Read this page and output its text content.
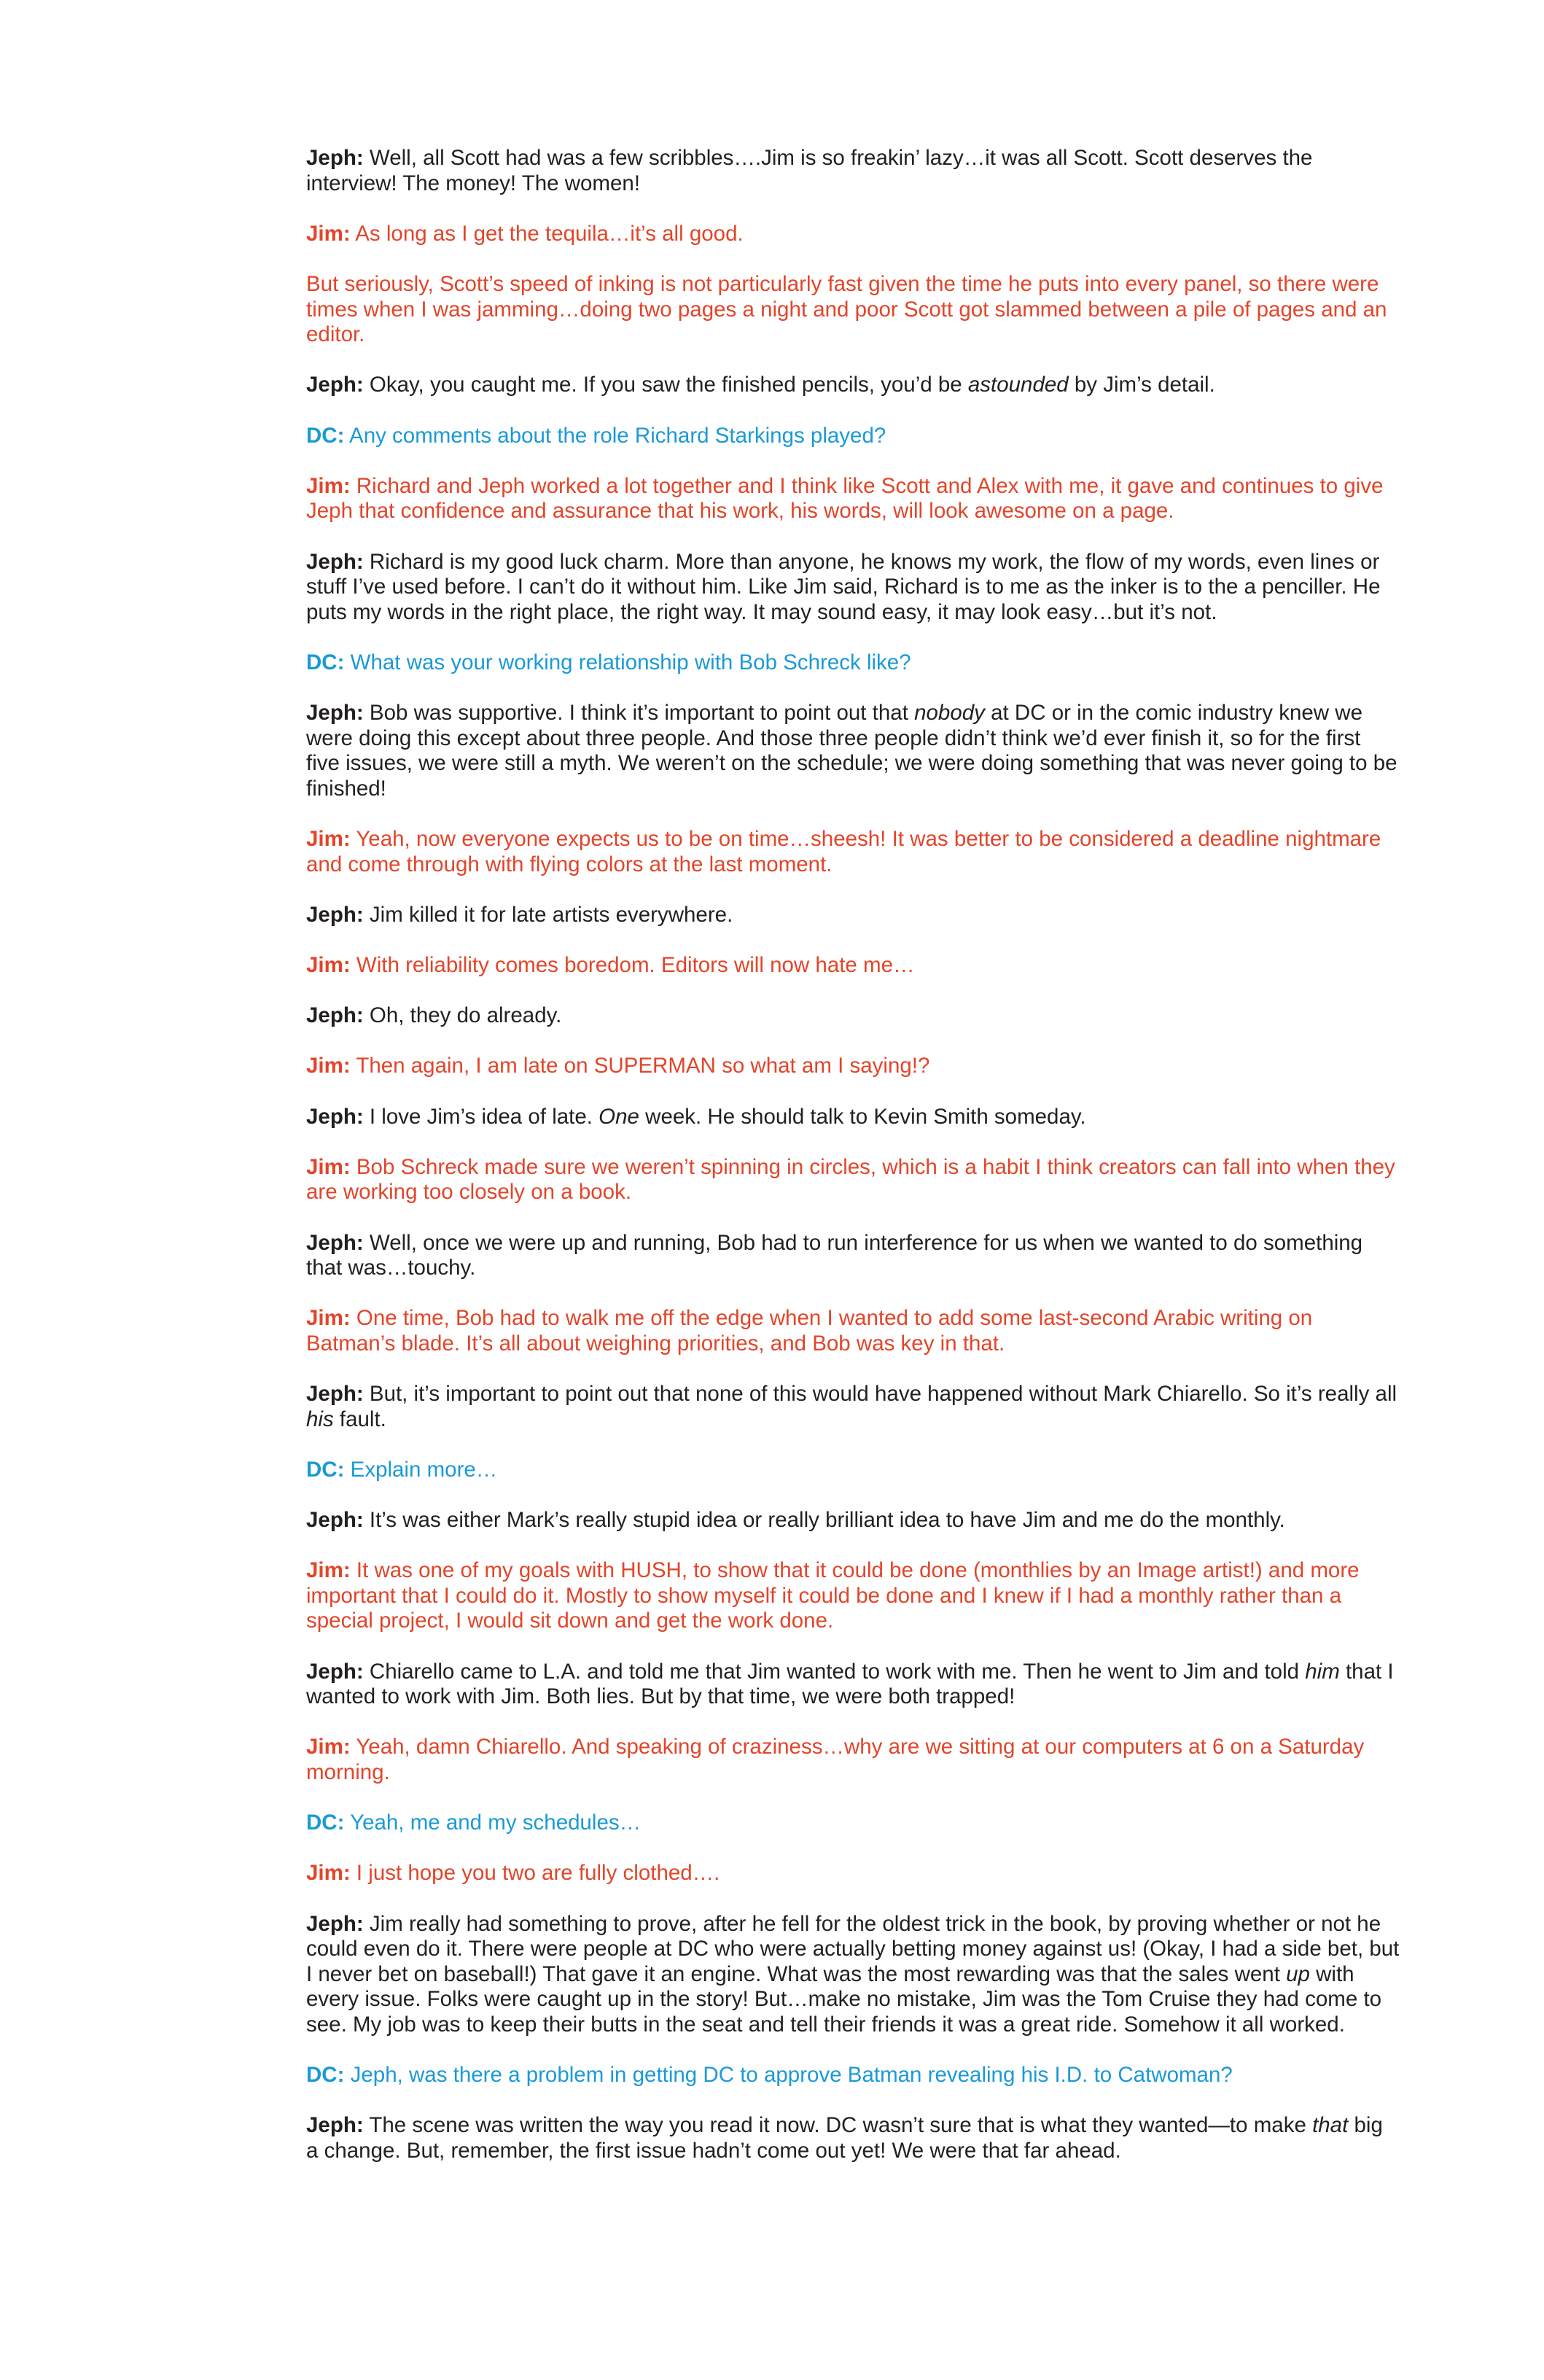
Jeph: Well, all Scott had was a few scribbles….Jim is so freakin’ lazy…it was all Scott. Scott deserves the interview! The money! The women!

Jim: As long as I get the tequila…it’s all good.

But seriously, Scott’s speed of inking is not particularly fast given the time he puts into every panel, so there were times when I was jamming…doing two pages a night and poor Scott got slammed between a pile of pages and an editor.

Jeph: Okay, you caught me. If you saw the finished pencils, you’d be astounded by Jim’s detail.

DC: Any comments about the role Richard Starkings played?

Jim: Richard and Jeph worked a lot together and I think like Scott and Alex with me, it gave and continues to give Jeph that confidence and assurance that his work, his words, will look awesome on a page.

Jeph: Richard is my good luck charm. More than anyone, he knows my work, the flow of my words, even lines or stuff I’ve used before. I can’t do it without him. Like Jim said, Richard is to me as the inker is to the a penciller. He puts my words in the right place, the right way. It may sound easy, it may look easy…but it’s not.

DC: What was your working relationship with Bob Schreck like?

Jeph: Bob was supportive. I think it’s important to point out that nobody at DC or in the comic industry knew we were doing this except about three people. And those three people didn’t think we’d ever finish it, so for the first five issues, we were still a myth. We weren’t on the schedule; we were doing something that was never going to be finished!

Jim: Yeah, now everyone expects us to be on time…sheesh! It was better to be considered a deadline nightmare and come through with flying colors at the last moment.

Jeph: Jim killed it for late artists everywhere.

Jim: With reliability comes boredom. Editors will now hate me…

Jeph: Oh, they do already.

Jim: Then again, I am late on SUPERMAN so what am I saying!?

Jeph: I love Jim’s idea of late. One week. He should talk to Kevin Smith someday.

Jim: Bob Schreck made sure we weren’t spinning in circles, which is a habit I think creators can fall into when they are working too closely on a book.

Jeph: Well, once we were up and running, Bob had to run interference for us when we wanted to do something that was…touchy.

Jim: One time, Bob had to walk me off the edge when I wanted to add some last-second Arabic writing on Batman’s blade. It’s all about weighing priorities, and Bob was key in that.

Jeph: But, it’s important to point out that none of this would have happened without Mark Chiarello. So it’s really all his fault.

DC: Explain more…

Jeph: It’s was either Mark’s really stupid idea or really brilliant idea to have Jim and me do the monthly.

Jim: It was one of my goals with HUSH, to show that it could be done (monthlies by an Image artist!) and more important that I could do it. Mostly to show myself it could be done and I knew if I had a monthly rather than a special project, I would sit down and get the work done.

Jeph: Chiarello came to L.A. and told me that Jim wanted to work with me. Then he went to Jim and told him that I wanted to work with Jim. Both lies. But by that time, we were both trapped!

Jim: Yeah, damn Chiarello. And speaking of craziness…why are we sitting at our computers at 6 on a Saturday morning.

DC: Yeah, me and my schedules…

Jim: I just hope you two are fully clothed….

Jeph: Jim really had something to prove, after he fell for the oldest trick in the book, by proving whether or not he could even do it. There were people at DC who were actually betting money against us! (Okay, I had a side bet, but I never bet on baseball!) That gave it an engine. What was the most rewarding was that the sales went up with every issue. Folks were caught up in the story! But…make no mistake, Jim was the Tom Cruise they had come to see. My job was to keep their butts in the seat and tell their friends it was a great ride. Somehow it all worked.

DC: Jeph, was there a problem in getting DC to approve Batman revealing his I.D. to Catwoman?

Jeph: The scene was written the way you read it now. DC wasn’t sure that is what they wanted—to make that big a change. But, remember, the first issue hadn’t come out yet! We were that far ahead.
